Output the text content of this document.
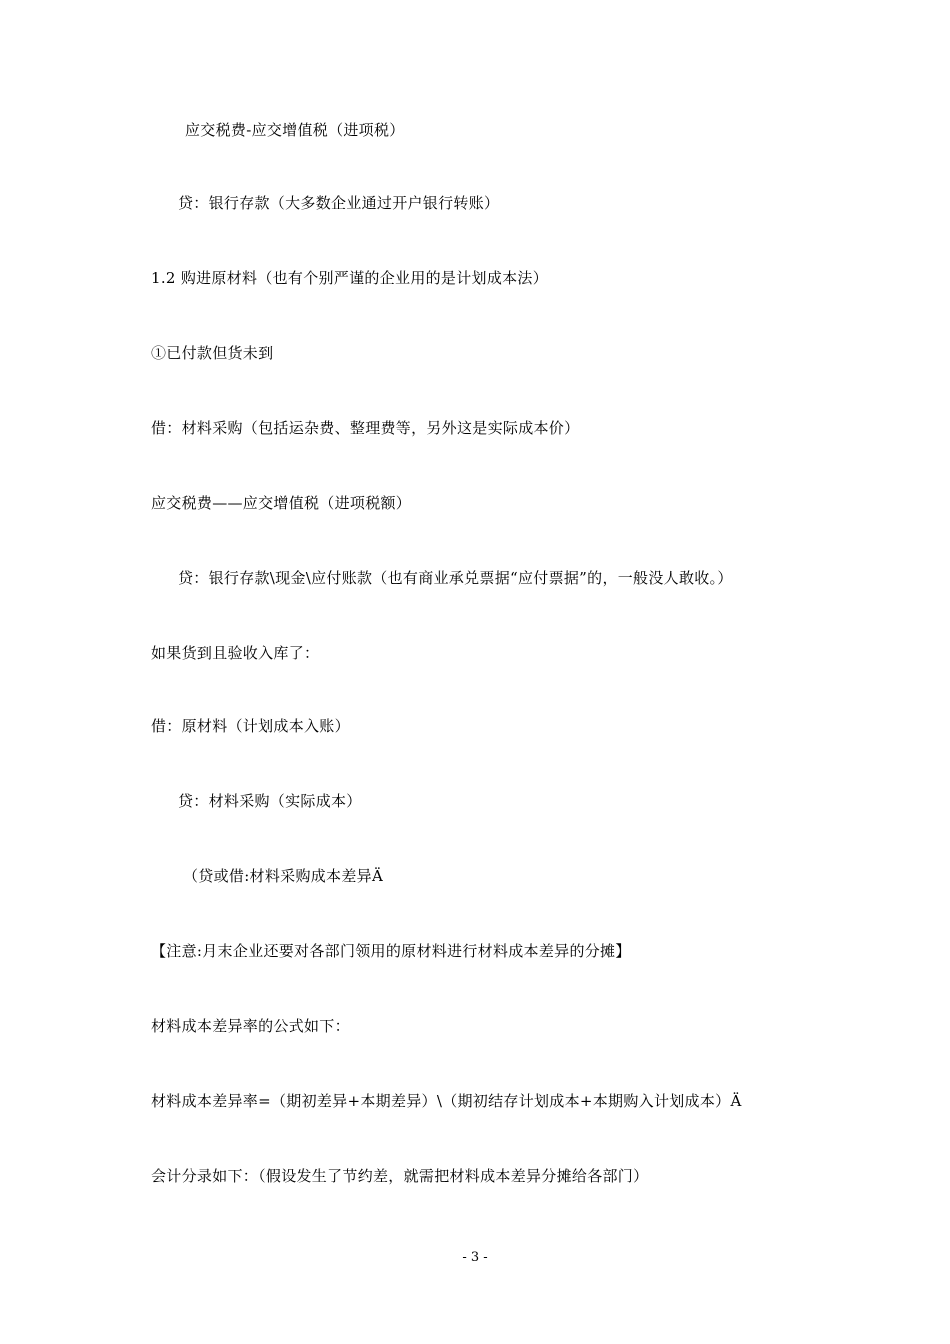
应交税费-应交增值税（进项税）
贷：银行存款（大多数企业通过开户银行转账）
1.2 购进原材料（也有个别严谨的企业用的是计划成本法）
①已付款但货未到
借：材料采购（包括运杂费、整理费等，另外这是实际成本价）
应交税费——应交增值税（进项税额）
贷：银行存款\现金\应付账款（也有商业承兑票据“应付票据”的，一般没人敢收。）
如果货到且验收入库了：
借：原材料（计划成本入账）
贷：材料采购（实际成本）
（贷或借:材料采购成本差异Ä
【注意:月末企业还要对各部门领用的原材料进行材料成本差异的分摊】
材料成本差异率的公式如下：
材料成本差异率=（期初差异+本期差异）\（期初结存计划成本+本期购入计划成本）Ä
会计分录如下：（假设发生了节约差，就需把材料成本差异分摊给各部门）
- 3 -
